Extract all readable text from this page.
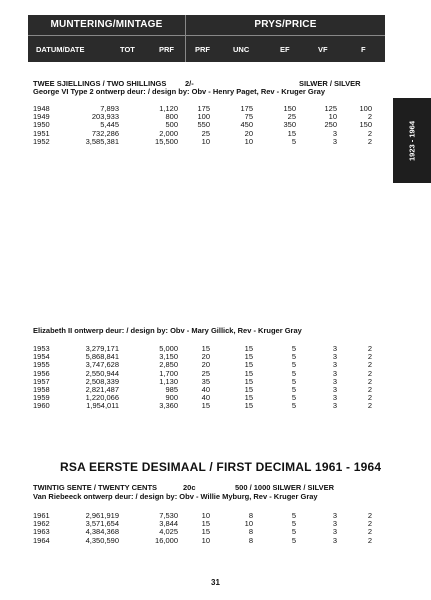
MUNTERING/MINTAGE	PRYS/PRICE
DATUM/DATE	TOT	PRF	PRF	UNC	EF	VF	F
1923 - 1964
TWEE SJIELLINGS / TWO SHILLINGS 2/-	SILWER / SILVER
George VI Type 2 ontwerp deur: / design by: Obv - Henry Paget, Rev - Kruger Gray
1948	7,893	1,120	175	175	150	125	100
1949	203,933	800	100	75	25	10	2
1950	5,445	500	550	450	350	250	150
1951	732,286	2,000	25	20	15	3	2
1952	3,585,381	15,500	10	10	5	3	2
Elizabeth II ontwerp deur: / design by: Obv - Mary Gillick, Rev - Kruger Gray
1953	3,279,171	5,000	15	15	5	3	2
1954	5,868,841	3,150	20	15	5	3	2
1955	3,747,628	2,850	20	15	5	3	2
1956	2,550,944	1,700	25	15	5	3	2
1957	2,508,339	1,130	35	15	5	3	2
1958	2,821,487	985	40	15	5	3	2
1959	1,220,066	900	40	15	5	3	2
1960	1,954,011	3,360	15	15	5	3	2
RSA EERSTE DESIMAAL / FIRST DECIMAL 1961 - 1964
TWINTIG SENTE / TWENTY CENTS	20c	500 / 1000 SILWER / SILVER
Van Riebeeck ontwerp deur: / design by: Obv - Willie Myburg, Rev - Kruger Gray
1961	2,961,919	7,530	10	8	5	3	2
1962	3,571,654	3,844	15	10	5	3	2
1963	4,384,368	4,025	15	8	5	3	2
1964	4,350,590	16,000	10	8	5	3	2
31
